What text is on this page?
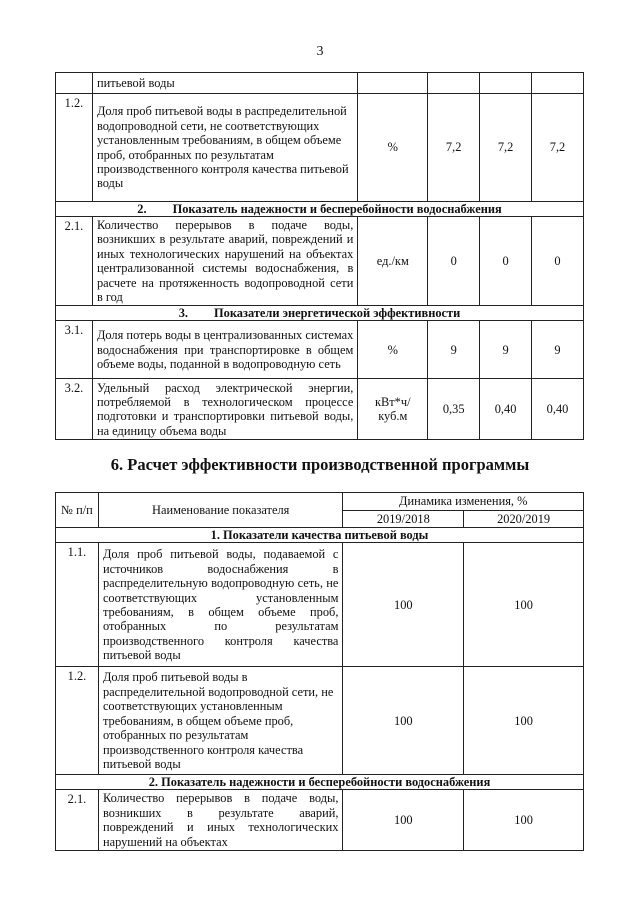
3
	питьевой воды				
1.2.	Доля проб питьевой воды в распределительной водопроводной сети, не соответствующих установленным требованиям, в общем объеме проб, отобранных по результатам производственного контроля качества питьевой воды	%	7,2	7,2	7,2
2. Показатель надежности и бесперебойности водоснабжения					
2.1.	Количество перерывов в подаче воды, возникших в результате аварий, повреждений и иных технологических нарушений на объектах централизованной системы водоснабжения, в расчете на протяженность водопроводной сети в год	ед./км	0	0	0
3. Показатели энергетической эффективности					
3.1.	Доля потерь воды в централизованных системах водоснабжения при транспортировке в общем объеме воды, поданной в водопроводную сеть	%	9	9	9
3.2.	Удельный расход электрической энергии, потребляемой в технологическом процессе подготовки и транспортировки питьевой воды, на единицу объема воды	кВт*ч/ куб.м	0,35	0,40	0,40
6. Расчет эффективности производственной программы
№ п/п	Наименование показателя	Динамика изменения, %	
		2019/2018	2020/2019
1. Показатели качества питьевой воды			
1.1.	Доля проб питьевой воды, подаваемой с источников водоснабжения в распределительную водопроводную сеть, не соответствующих установленным требованиям, в общем объеме проб, отобранных по результатам производственного контроля качества питьевой воды	100	100
1.2.	Доля проб питьевой воды в распределительной водопроводной сети, не соответствующих установленным требованиям, в общем объеме проб, отобранных по результатам производственного контроля качества питьевой воды	100	100
2. Показатель надежности и бесперебойности водоснабжения			
2.1.	Количество перерывов в подаче воды, возникших в результате аварий, повреждений и иных технологических нарушений на объектах	100	100
